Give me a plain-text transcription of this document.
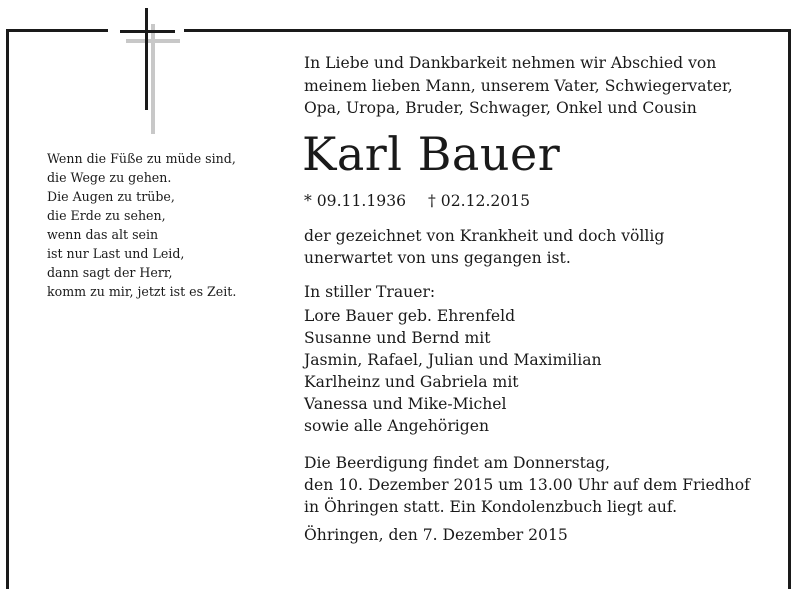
Wenn die Füße zu müde sind,
die Wege zu gehen.
Die Augen zu trübe,
die Erde zu sehen,
wenn das alt sein
ist nur Last und Leid,
dann sagt der Herr,
komm zu mir, jetzt ist es Zeit.
In Liebe und Dankbarkeit nehmen wir Abschied von
meinem lieben Mann, unserem Vater, Schwiegervater,
Opa, Uropa, Bruder, Schwager, Onkel und Cousin
Karl Bauer
* 09.11.1936 † 02.12.2015
der gezeichnet von Krankheit und doch völlig
unerwartet von uns gegangen ist.
In stiller Trauer:
Lore Bauer geb. Ehrenfeld
Susanne und Bernd mit
Jasmin, Rafael, Julian und Maximilian
Karlheinz und Gabriela mit
Vanessa und Mike-Michel
sowie alle Angehörigen
Die Beerdigung findet am Donnerstag,
den 10. Dezember 2015 um 13.00 Uhr auf dem Friedhof
in Öhringen statt. Ein Kondolenzbuch liegt auf.
Öhringen, den 7. Dezember 2015
